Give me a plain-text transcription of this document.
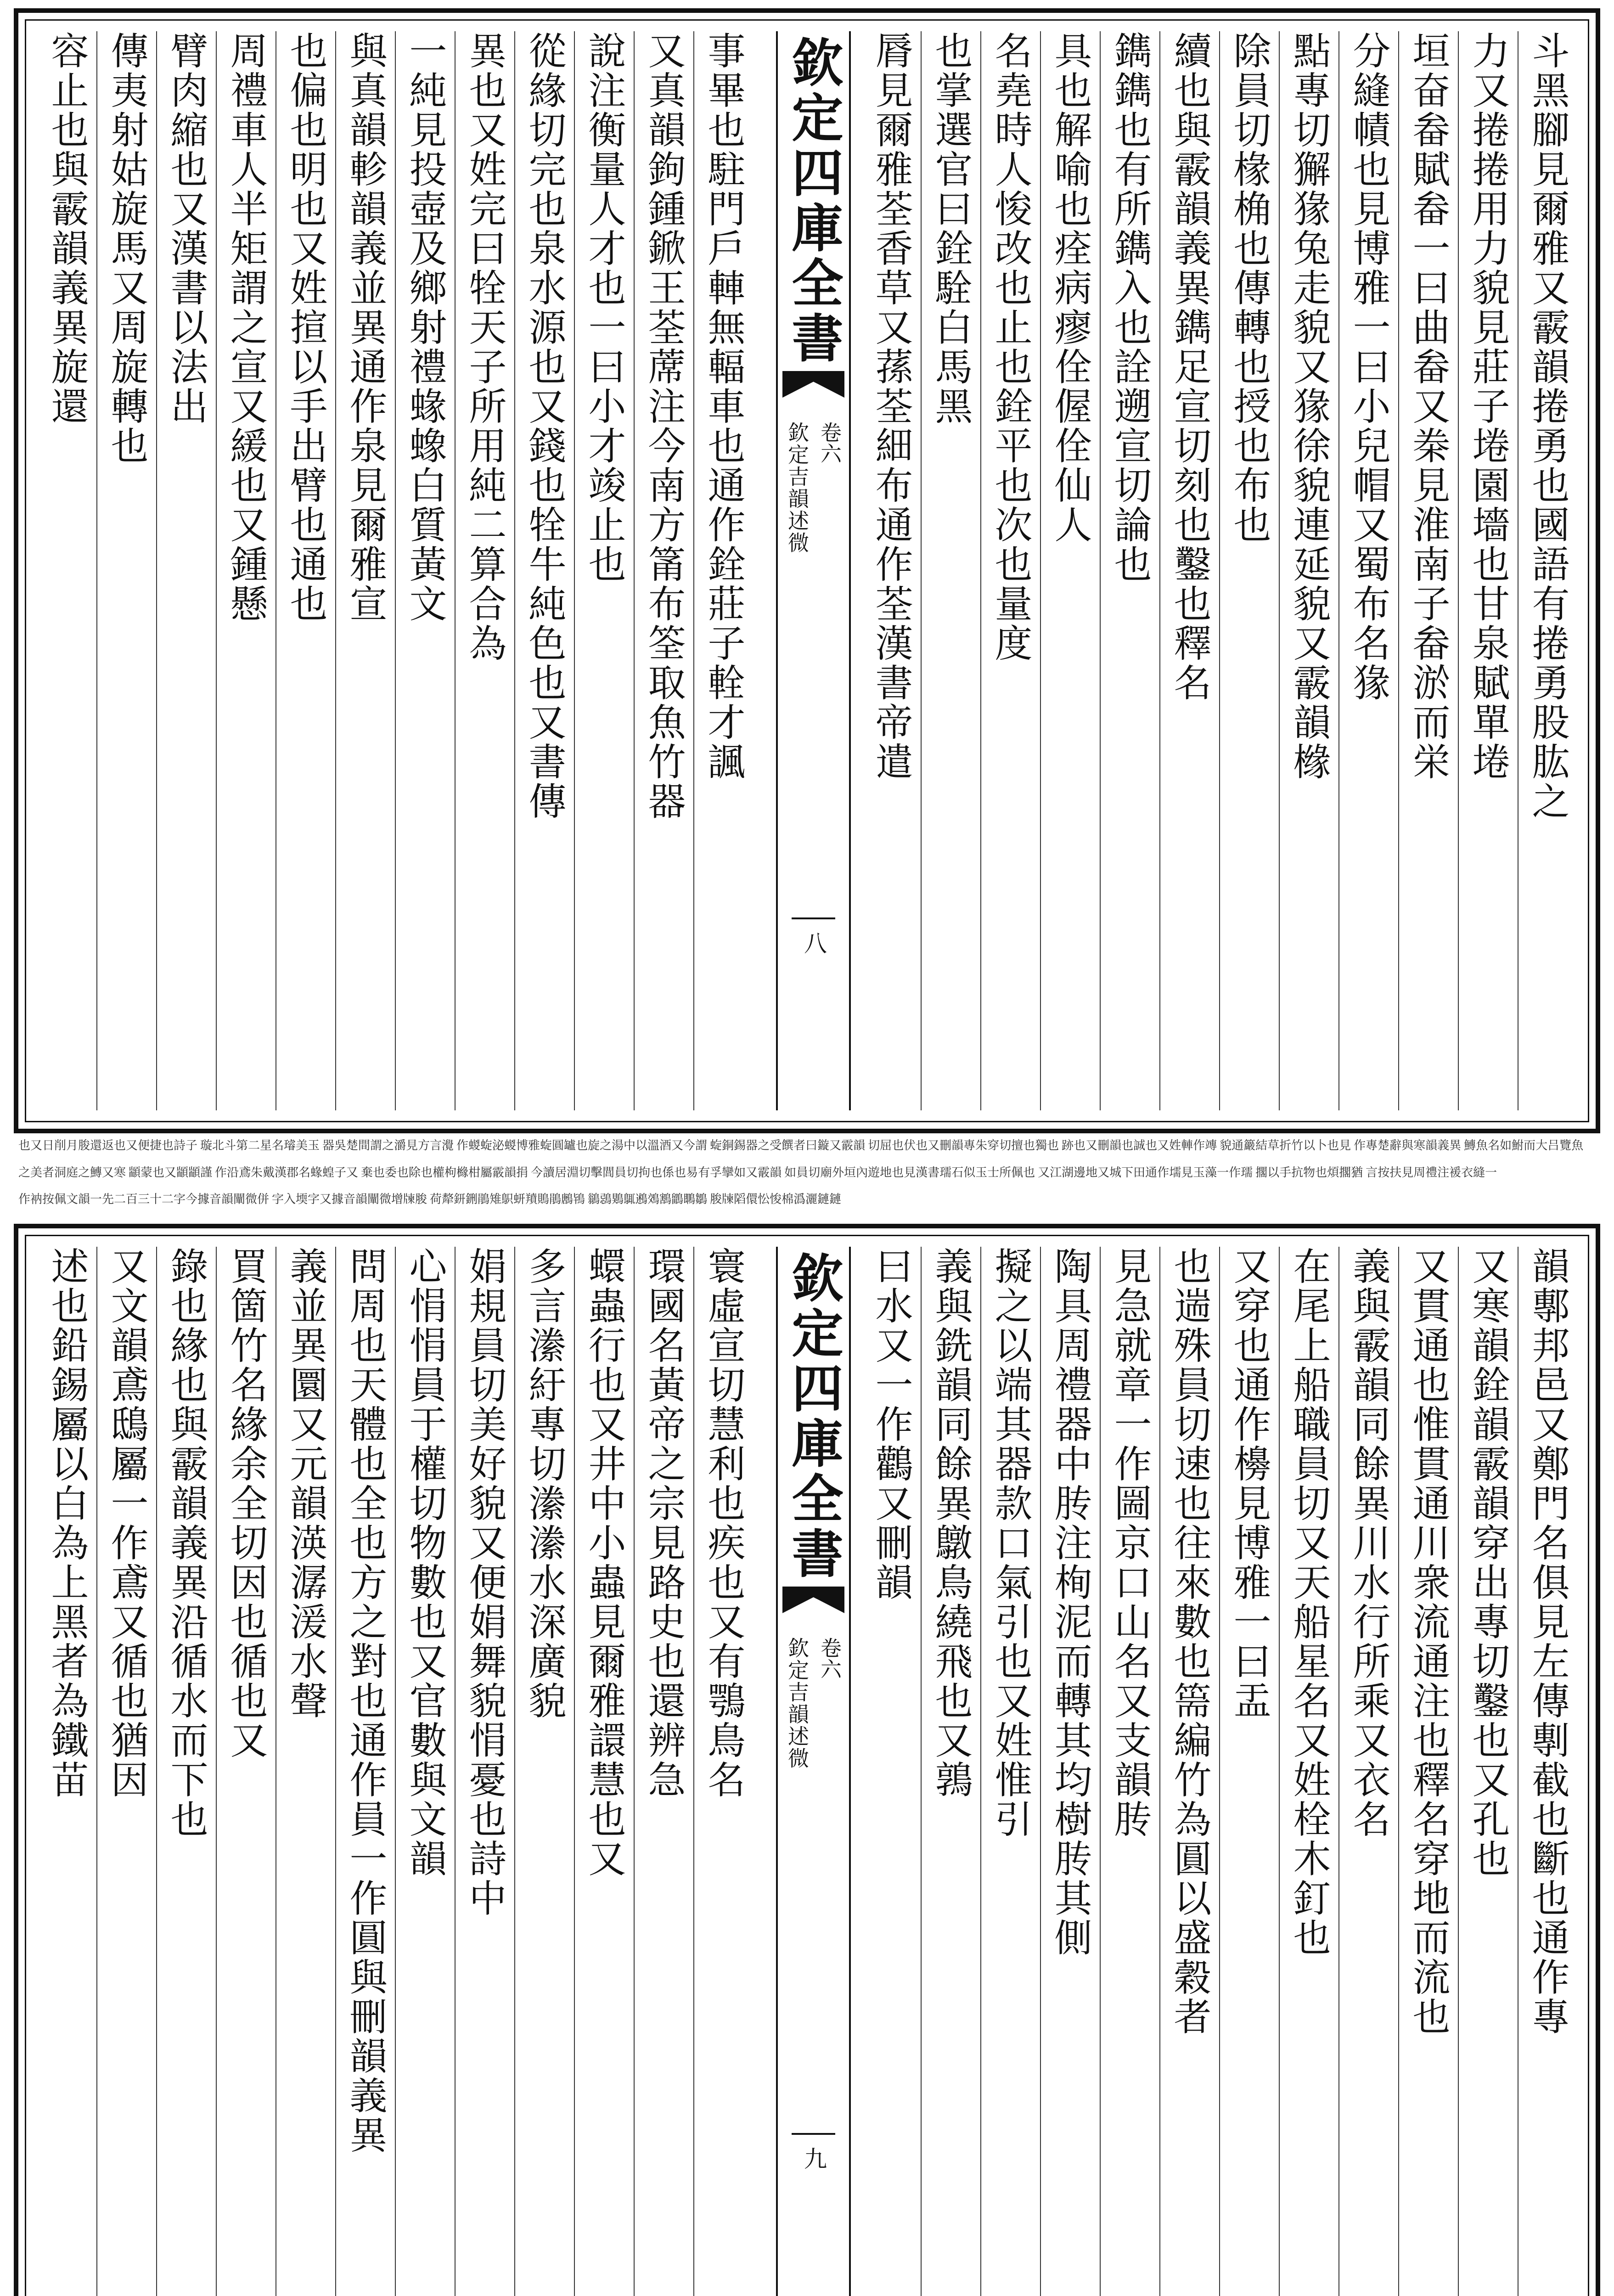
斗黑腳見爾雅又霰韻捲勇也國語有捲勇股肱之
力又捲捲用力貌見莊子埢園墻也甘泉賦單埢
垣奋畚賦畚一曰曲畚又桊見淮南子畚淤而栄
分縫幘也見博雅一曰小兒帽又蜀布名猭
點專切獬猭兔走貌又猭徐貌連延貌又霰韻橼
除員切椽桷也傳轉也授也布也
續也與霰韻義異鐫足宣切刻也鑿也釋名
鐫鐫也有所鐫入也詮遡宣切論也
具也解喻也痊病瘳佺偓佺仙人
名堯時人悛改也止也銓平也次也量度
也掌選官曰銓駩白馬黑
脣見爾雅荃香草又蓀荃細布通作荃漢書帝遣
欽定四庫全書
欽定吉韻述微 卷六
八
事畢也駐門戶䡛無輻車也通作銓莊子輇才諷
又真韻鉤鍾鍁王荃蓆注今南方筩布筌取魚竹器
說注衡量人才也一曰小才竣止也
從緣切完也泉水源也又錢也牷牛純色也又書傳
異也又姓完曰牷天子所用純二算合為
一純見投壺及鄉射禮蝝蟓白質黃文
與真韻軫韻義並異通作泉見爾雅宣
也偏也明也又姓揎以手出臂也通也
周禮車人半矩謂之宣又緩也又鍾懸
臂肉縮也又漢書以法出
傳夷射姑旋馬又周旋轉也
容止也與霰韻義異旋還
韻鄟邦邑又鄭門名俱見左傳剸截也斷也通作專
又寒韻銓韻霰韻穿出專切鑿也又孔也
又貫通也惟貫通川衆流通注也釋名穿地而流也
義與霰韻同餘異川水行所乘又衣名
在尾上船職員切又天船星名又姓栓木釘也
又穿也通作櫋見博雅一曰盂
也遄殊員切速也往來數也篅編竹為圓以盛穀者
見急就章一作圌京口山名又支韻䏝
陶具周禮器中䏝注栒泥而轉其均樹䏝其側
擬之以端其器款口氣引也又姓惟引
義與銑韻同餘異鷻鳥繞飛也又鶉
曰水又一作鸛又刪韻
欽定四庫全書
欽定吉韻述微 卷六
九
寰虛宣切慧利也疾也又有鶚鳥名
環國名黃帝之宗見路史也還辨急
蠉蟲行也又井中小蟲見爾雅譞慧也又
多言潫紆專切潫潫水深廣貌
娟規員切美好貌又便娟舞貌悁憂也詩中
心悁悁員于權切物數也又官數與文韻
問周也天體也全也方之對也通作員一作圓與刪韻義異
義並異圜又元韻渶潺湲水聲
買箇竹名緣余全切因也循也又
錄也緣也與霰韻義異沿循水而下也
又文韻鳶鴟屬一作鳶又循也猶因
述也鉛錫屬以白為上黑者為鐵苗
也又日削月朘還返也又便捷也詩子 璇北斗第二星名璿美玉 器吳楚間謂之灂見方言灚 作蝬蜁泌蝬博雅蜁圓罏也旋之湯中以溫酒又今謂 蜁銅錫器之受饌者曰鏇又霰韻 切屈也伏也又刪韻專朱穿切擅也獨也 跡也又刪韻也誠也又姓䡛作竱 貌通䉷結草折竹以卜也見 作專楚辭與寒韻義異 鱄魚名如鮒而大吕覽魚
之美者洞庭之鱄又寒 顓蒙也又顓顓謹 作沿鳶朱戴漢郡名蝝蝗子又 棄也委也除也權枸櫞柑屬霰韻捐 今讀居淵切擊閭員切拘也係也易有孚攣如又霰韻 如員切廟外垣內遊地也見漢書瓀石似玉士所佩也 又江湖邊地又城下田通作壖見玉藻一作瓀 擱以手抗物也煩擱猶 言按扶見周禮注褑衣縫一
作衲按佩文韻一先二百三十二字今據音韻闡微併 字入堧字又據音韻闡微增𤗛脧 荷犛鈃鉶鵑雉䳅蚈羵鵙鵑鶶鴇 鶲鵋鶪䳖鶐鵁鶷鶹䳭鶵 脧𤗛䧟儇忪悛棉潙灑鏈鏈
